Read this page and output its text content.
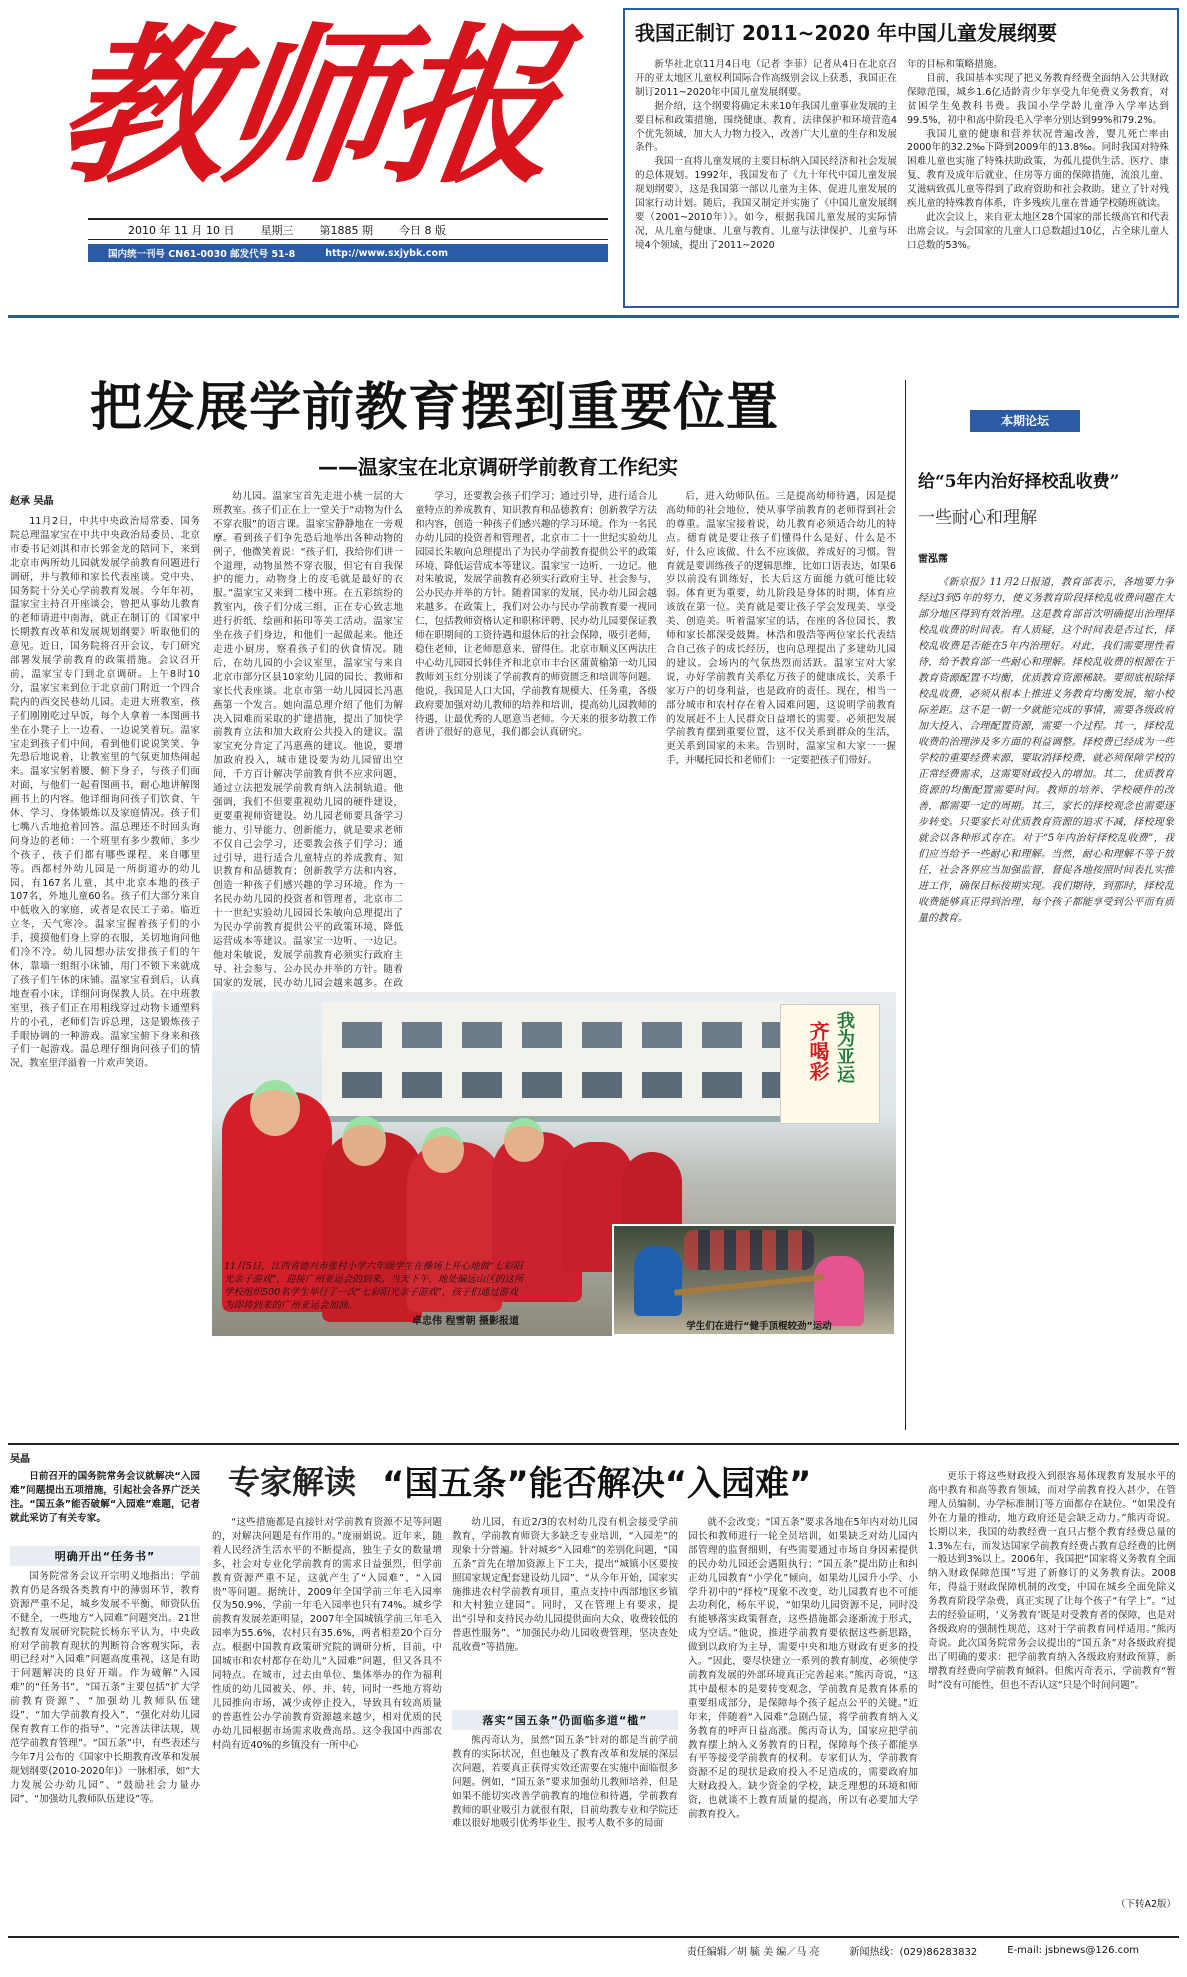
教师报
2010 年 11 月 10 日 星期三 第1885 期 今日 8 版
国内统一刊号 CN61-0030 邮发代号 51-8	http://www.sxjybk.com
我国正制订 2011~2020 年中国儿童发展纲要

新华社北京11月4日电（记者 李菲）记者从4日在北京召开的亚太地区儿童权利国际合作高级别会议上获悉，我国正在制订2011~2020年中国儿童发展纲要。

据介绍，这个纲要将确定未来10年我国儿童事业发展的主要目标和政策措施，围绕健康、教育、法律保护和环境营造4个优先领域，加大人力物力投入，改善广大儿童的生存和发展条件。

我国一直将儿童发展的主要目标纳入国民经济和社会发展的总体规划。1992年，我国发布了《九十年代中国儿童发展规划纲要》，这是我国第一部以儿童为主体、促进儿童发展的国家行动计划。随后，我国又制定并实施了《中国儿童发展纲要（2001~2010年）》。如今，根据我国儿童发展的实际情况，从儿童与健康、儿童与教育、儿童与法律保护、儿童与环境4个领域，提出了2011~2020

年的目标和策略措施。

目前，我国基本实现了把义务教育经费全面纳入公共财政保障范围，城乡1.6亿适龄青少年享受九年免费义务教育，对贫困学生免教科书费。我国小学学龄儿童净入学率达到99.5%，初中和高中阶段毛入学率分别达到99%和79.2%。

我国儿童的健康和营养状况普遍改善，婴儿死亡率由2000年的32.2‰下降到2009年的13.8‰。同时我国对特殊困难儿童也实施了特殊扶助政策，为孤儿提供生活、医疗、康复、教育及成年后就业、住房等方面的保障措施，流浪儿童、艾滋病致孤儿童等得到了政府资助和社会救助。建立了针对残疾儿童的特殊教育体系，许多残疾儿童在普通学校随班就读。

此次会议上，来自亚太地区28个国家的部长级高官和代表出席会议。与会国家的儿童人口总数超过10亿，占全球儿童人口总数的53%。

把发展学前教育摆到重要位置
——温家宝在北京调研学前教育工作纪实
赵承 吴晶
11月2日，中共中央政治局常委、国务院总理温家宝在中共中央政治局委员、北京市委书记刘淇和市长郭金龙的陪同下，来到北京市两所幼儿园就发展学前教育问题进行调研，并与教师和家长代表座谈。党中央、国务院十分关心学前教育发展。今年年初，温家宝主持召开座谈会，曾把从事幼儿教育的老师请进中南海，就正在制订的《国家中长期教育改革和发展规划纲要》听取他们的意见。近日，国务院将召开会议，专门研究部署发展学前教育的政策措施。会议召开前，温家宝专门到北京调研。上午8时10分，温家宝来到位于北京前门附近一个四合院内的西交民巷幼儿园。走进大班教室，孩子们刚刚吃过早饭，每个人拿着一本图画书坐在小凳子上一边看、一边说笑着玩。温家宝走到孩子们中间，看到他们说说笑笑、争先恐后地说着，让教室里的气氛更加热闹起来。温家宝躬着腰、俯下身子，与孩子们面对面，与他们一起看图画书，耐心地讲解图画书上的内容。他详细询问孩子们饮食、午休、学习、身体锻炼以及家庭情况。孩子们七嘴八舌地抢着回答。温总理还不时回头询问身边的老师：一个班里有多少教师、多少个孩子，孩子们都有哪些课程、来自哪里等。西都村外幼儿园是一所街道办的幼儿园，有167名儿童，其中北京本地的孩子107名，外地儿童60名。孩子们大部分来自中低收入的家庭，或者是农民工子弟。临近立冬，天气寒冷。温家宝握着孩子们的小手，摸摸他们身上穿的衣服，关切地询问他们冷不冷。幼儿园想办法安排孩子们的午休，靠墙一组组小床铺，用门不锁下来就成了孩子们午休的床铺。温家宝看到后，认真地查看小床，详细问询保教人员。在中班教室里，孩子们正在用粗线穿过动物卡通塑料片的小孔，老师们告诉总理，这是锻炼孩子手眼协调的一种游戏。温家宝俯下身来和孩子们一起游戏。温总理仔细询问孩子们的情况，教室里洋溢着一片欢声笑语。
幼儿园。温家宝首先走进小桃一层的大班教室。孩子们正在上一堂关于“动物为什么不穿衣服”的语言课。温家宝静静地在一旁观摩。看到孩子们争先恐后地举出各种动物的例子，他微笑着说：“孩子们，我给你们讲一个道理，动物虽然不穿衣服，但它有自我保护的能力，动物身上的皮毛就是最好的衣服。”温家宝又来到二楼中班。在五彩缤纷的教室内，孩子们分成三组，正在专心致志地进行折纸、绘画和拓印等美工活动。温家宝坐在孩子们身边，和他们一起做起来。他还走进小厨房，察看孩子们的伙食情况。随后，在幼儿园的小会议室里，温家宝与来自北京市部分区县10家幼儿园的园长、教师和家长代表座谈。北京市第一幼儿园园长冯惠燕第一个发言。她向温总理介绍了他们为解决入园难而采取的扩建措施，提出了加快学前教育立法和加大政府公共投入的建议。温家宝充分肯定了冯惠燕的建议。他说，要增加政府投入，城市建设要为幼儿园留出空间，千方百计解决学前教育供不应求问题，通过立法把发展学前教育纳入法制轨道。他强调，我们不但要重视幼儿园的硬件建设，更要重视师资建设。幼儿园老师要具备学习能力、引导能力、创新能力，就是要求老师不仅自己会学习，还要教会孩子们学习；通过引导，进行适合儿童特点的养成教育、知识教育和品德教育；创新教学方法和内容，创造一种孩子们感兴趣的学习环境。作为一名民办幼儿园的投资者和管理者，北京市二十一世纪实验幼儿园园长朱敏向总理提出了为民办学前教育提供公平的政策环境、降低运营成本等建议。温家宝一边听、一边记。他对朱敏说，发展学前教育必须实行政府主导、社会参与、公办民办并举的方针。随着国家的发展，民办幼儿园会越来越多。在政
学习，还要教会孩子们学习；通过引导，进行适合儿童特点的养成教育、知识教育和品德教育；创新教学方法和内容，创造一种孩子们感兴趣的学习环境。作为一名民办幼儿园的投资者和管理者，北京市二十一世纪实验幼儿园园长朱敏向总理提出了为民办学前教育提供公平的政策环境、降低运营成本等建议。温家宝一边听、一边记。他对朱敏说，发展学前教育必须实行政府主导、社会参与、公办民办并举的方针。随着国家的发展，民办幼儿园会越来越多。在政策上，我们对公办与民办学前教育要一视同仁，包括教师资格认定和职称评聘、民办幼儿园要保证教师在职期间的工资待遇和退休后的社会保障，吸引老师，稳住老师，让老师愿意来、留得住。北京市顺义区两法庄中心幼儿园园长韩佳齐和北京市丰台区蒲黄榆第一幼儿园教师刘玉红分别谈了学前教育的师资匮乏和培训等问题。他说，我国是人口大国，学前教育规模大、任务重，各级政府要加强对幼儿教师的培养和培训，提高幼儿园教师的待遇，让最优秀的人愿意当老师。今天来的很多幼教工作者讲了很好的意见，我们都会认真研究。
后，进入幼师队伍。三是提高幼师待遇，因是提高幼师的社会地位，使从事学前教育的老师得到社会的尊重。温家宝接着说，幼儿教育必须适合幼儿的特点。德育就是要让孩子们懂得什么是好、什么是不好，什么应该做、什么不应该做，养成好的习惯。智育就是要训练孩子的逻辑思维，比如口语表达，如果6岁以前没有训练好，长大后这方面能力就可能比较弱。体育更为重要，幼儿阶段是身体的时期，体育应该放在第一位。美育就是要让孩子学会发现美、享受美、创造美。听着温家宝的话，在座的各位园长、教师和家长都深受鼓舞。林浩和殷浩等两位家长代表结合自己孩子的成长经历，也向总理提出了多建幼儿园的建议。会场内的气氛热烈而活跃。温家宝对大家说，办好学前教育关系亿万孩子的健康成长，关系千家万户的切身利益，也是政府的责任。现在，相当一部分城市和农村存在着入园难问题，这说明学前教育的发展赶不上人民群众日益增长的需要。必须把发展学前教育摆到重要位置，这不仅关系到群众的生活，更关系到国家的未来。告别时，温家宝和大家一一握手，并嘱托园长和老师们：一定要把孩子们带好。
我为亚运
齐喝彩
11月5日，江西省德兴市张村小学六年级学生在操场上开心地做“七彩阳光亲子游戏”，迎接广州亚运会的到来。当天下午，地处偏远山区的这所学校组织500名学生举行了一次“七彩阳光亲子游戏”，孩子们通过游戏为即将到来的广州亚运会加油。
卓忠伟 程雪朝 摄影报道	学生们在进行“健手顶棍较劲”运动
本期论坛
给“5年内治好择校乱收费”
一些耐心和理解
雷泓霈
《新京报》11月2日报道，教育部表示，各地要力争经过3到5年的努力，使义务教育阶段择校乱收费问题在大部分地区得到有效治理。这是教育部首次明确提出治理择校乱收费的时间表。有人质疑，这个时间表是否过长，择校乱收费是否能在5年内治理好。对此，我们需要理性看待，给予教育部一些耐心和理解。择校乱收费的根源在于教育资源配置不均衡，优质教育资源稀缺。要彻底根除择校乱收费，必须从根本上推进义务教育均衡发展，缩小校际差距。这不是一朝一夕就能完成的事情，需要各级政府加大投入、合理配置资源，需要一个过程。其一，择校乱收费的治理涉及多方面的利益调整。择校费已经成为一些学校的重要经费来源，要取消择校费，就必须保障学校的正常经费需求，这需要财政投入的增加。其二，优质教育资源的均衡配置需要时间。教师的培养、学校硬件的改善，都需要一定的周期。其三，家长的择校观念也需要逐步转变。只要家长对优质教育资源的追求不减，择校现象就会以各种形式存在。对于“5年内治好择校乱收费”，我们应当给予一些耐心和理解。当然，耐心和理解不等于放任，社会各界应当加强监督，督促各地按照时间表扎实推进工作，确保目标按期实现。我们期待，到那时，择校乱收费能够真正得到治理，每个孩子都能享受到公平而有质量的教育。
吴晶
专家解读 “国五条”能否解决“入园难”
日前召开的国务院常务会议就解决“入园难”问题提出五项措施，引起社会各界广泛关注。“国五条”能否破解“入园难”难题，记者就此采访了有关专家。
明确开出“任务书”
国务院常务会议开宗明义地指出：学前教育仍是各级各类教育中的薄弱环节，教育资源严重不足，城乡发展不平衡，师资队伍不健全，一些地方“入园难”问题突出。21世纪教育发展研究院院长杨东平认为，中央政府对学前教育现状的判断符合客观实际，表明已经对“入园难”问题高度重视，这是有助于问题解决的良好开端。作为破解“入园难”的“任务书”，“国五条”主要包括“扩大学前教育资源”、“加强幼儿教师队伍建设”、“加大学前教育投入”、“强化对幼儿园保育教育工作的指导”、“完善法律法规，规范学前教育管理”。“国五条”中，有些表述与今年7月公布的《国家中长期教育改革和发展规划纲要(2010-2020年)》一脉相承，如“大力发展公办幼儿园”、“鼓励社会力量办园”、“加强幼儿教师队伍建设”等。
“这些措施都是直接针对学前教育资源不足等问题的，对解决问题是有作用的。”庞丽娟说。近年来，随着人民经济生活水平的不断提高，独生子女的数量增多，社会对专业化学前教育的需求日益强烈，但学前教育资源严重不足，这就产生了“入园难”、“入园贵”等问题。据统计，2009年全国学前三年毛入园率仅为50.9%，学前一年毛入园率也只有74%。城乡学前教育发展差距明显，2007年全国城镇学前三年毛入园率为55.6%，农村只有35.6%，两者相差20个百分点。根据中国教育政策研究院的调研分析，目前，中国城市和农村都存在幼儿“入园难”问题，但又各具不同特点。在城市，过去由单位、集体举办的作为福利性质的幼儿园被关、停、并、转，同时一些地方将幼儿园推向市场，减少或停止投入，导致具有较高质量的普惠性公办学前教育资源越来越少，相对优质的民办幼儿园根据市场需求收费高昂。这令我国中西部农村尚有近40%的乡镇没有一所中心
幼儿园，有近2/3的农村幼儿没有机会接受学前教育，学前教育师资大多缺乏专业培训，“入园差”的现象十分普遍。针对城乡“入园难”的差别化问题，“国五条”首先在增加资源上下工夫，提出“城镇小区要按照国家规定配套建设幼儿园”、“从今年开始，国家实施推进农村学前教育项目，重点支持中西部地区乡镇和大村独立建园”。同时，又在管理上有要求，提出“引导和支持民办幼儿园提供面向大众、收费较低的普惠性服务”、“加强民办幼儿园收费管理，坚决查处乱收费”等措施。
落实“国五条”仍面临多道“槛”
熊丙奇认为，虽然“国五条”针对的都是当前学前教育的实际状况，但也触及了教育改革和发展的深层次问题，若要真正获得实效还需要在实施中面临很多问题。例如，“国五条”要求加强幼儿教师培养，但是如果不能切实改善学前教育的地位和待遇，学前教育教师的职业吸引力就很有限，目前幼教专业和学院还难以很好地吸引优秀毕业生、报考人数不多的局面
就不会改变；“国五条”要求各地在5年内对幼儿园园长和教师进行一轮全员培训，如果缺乏对幼儿园内部管理的监督细则，有些需要通过市场自身因素提供的民办幼儿园还会遇阻执行；“国五条”提出防止和纠正幼儿园教育“小学化”倾向，如果幼儿园升小学、小学升初中的“择校”现象不改变，幼儿园教育也不可能去功利化，杨东平说，“如果幼儿园资源不足，同时没有能够落实政策督查，这些措施都会逐渐流于形式，成为空话。”他说，推进学前教育要依据这些新思路，做到以政府为主导，需要中央和地方财政有更多的投入。“因此，要尽快建立一系列的教育制度，必须使学前教育发展的外部环境真正完善起来。”熊丙奇说，“这其中最根本的是要转变观念，学前教育是教育体系的重要组成部分，是保障每个孩子起点公平的关键。”近年来，伴随着“入园难”急剧凸显，将学前教育纳入义务教育的呼声日益高涨。熊丙奇认为，国家应把学前教育摆上纳入义务教育的日程，保障每个孩子都能享有平等接受学前教育的权利。专家们认为，学前教育资源不足的现状是政府投入不足造成的，需要政府加大财政投入。缺少资金的学校，缺乏理想的环境和师资，也就谈不上教育质量的提高，所以有必要加大学前教育投入。
更乐于将这些财政投入到很容易体现教育发展水平的高中教育和高等教育领域，而对学前教育投入甚少，在管理人员编制、办学标准制订等方面都存在缺位。“如果没有外在力量的推动，地方政府还是会缺乏动力。”熊丙奇说。长期以来，我国的幼教经费一直只占整个教育经费总量的1.3%左右，而发达国家学前教育经费占教育总经费的比例一般达到3%以上。2006年，我国把“国家将义务教育全面纳入财政保障范围”写进了新修订的义务教育法。2008年，得益于财政保障机制的改变，中国在城乡全面免除义务教育阶段学杂费，真正实现了让每个孩子“有学上”。“过去的经验证明，‘义务教育’既是对受教育者的保障，也是对各级政府的强制性规范，这对于学前教育同样适用。”熊丙奇说。此次国务院常务会议提出的“国五条”对各级政府提出了明确的要求：把学前教育纳入各级政府财政预算，新增教育经费向学前教育倾斜。但熊丙奇表示，学前教育“暂时”没有可能性，但也不否认这“只是个时间问题”。
（下转A2版）
责任编辑／胡 毓 美 编／马 亮	新闻热线：(029)86283832	E-mail: jsbnews@126.com
